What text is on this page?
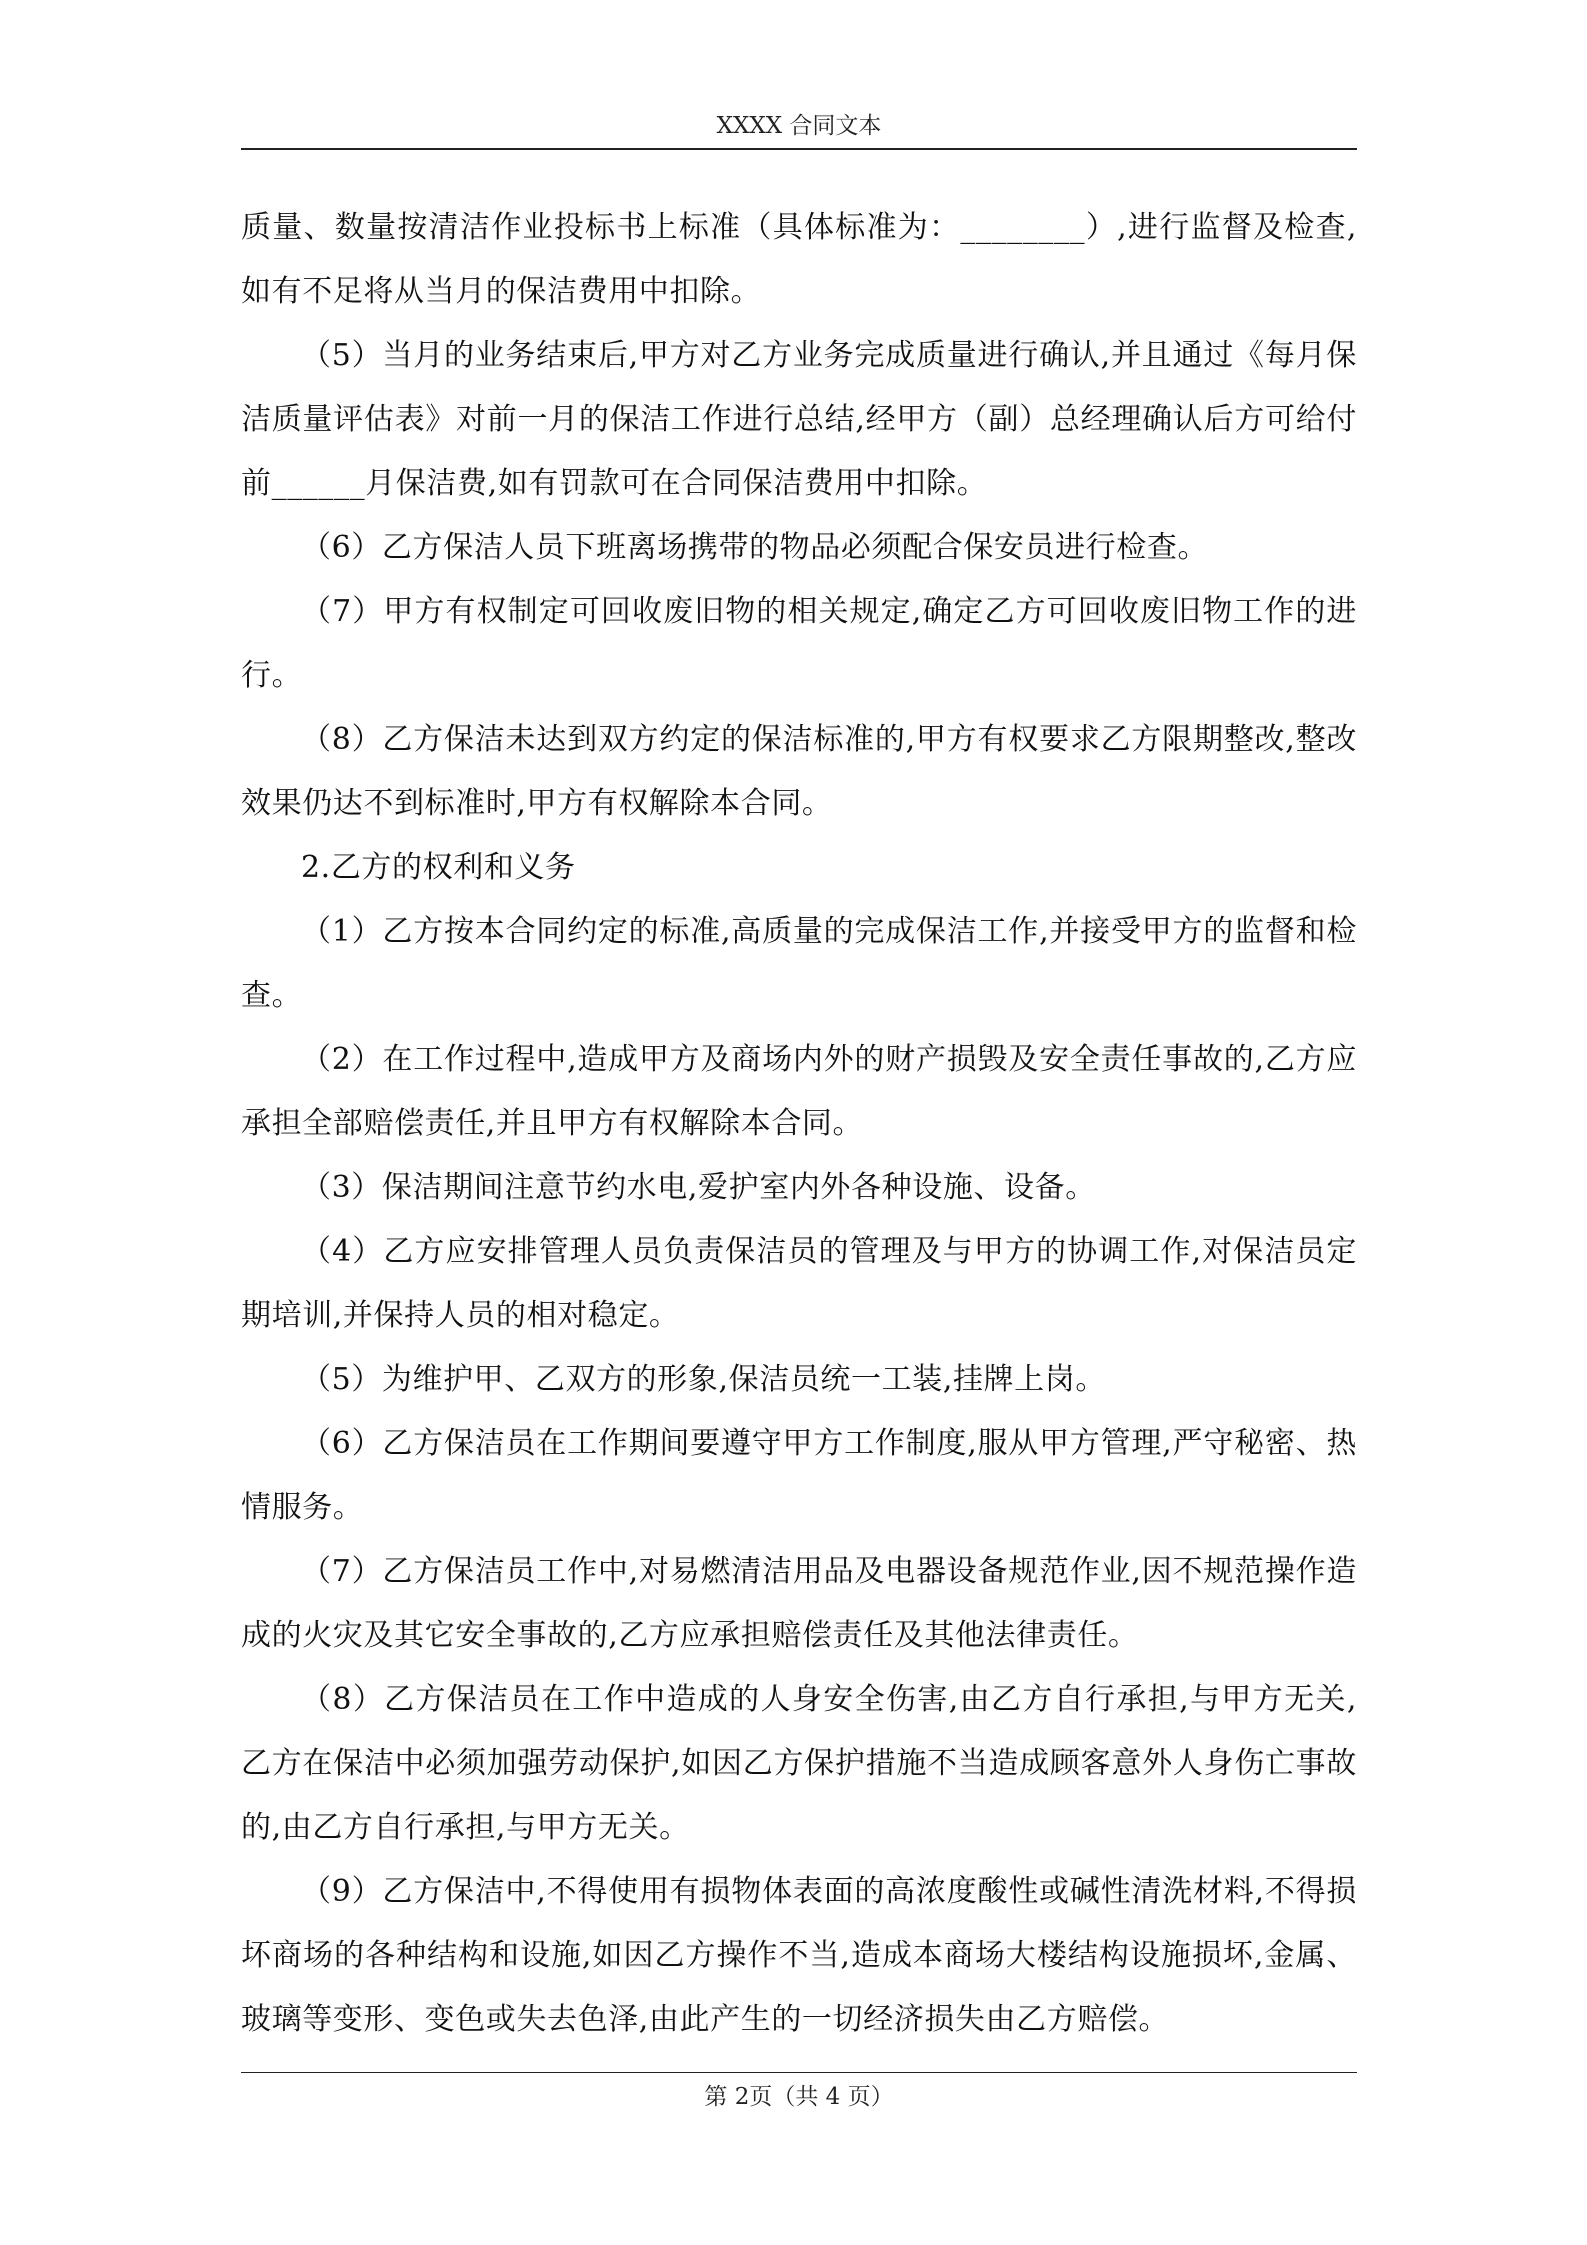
XXXX 合同文本

质量、数量按清洁作业投标书上标准（具体标准为：________）,进行监督及检查,如有不足将从当月的保洁费用中扣除。

（5）当月的业务结束后,甲方对乙方业务完成质量进行确认,并且通过《每月保洁质量评估表》对前一月的保洁工作进行总结,经甲方（副）总经理确认后方可给付前______月保洁费,如有罚款可在合同保洁费用中扣除。

（6）乙方保洁人员下班离场携带的物品必须配合保安员进行检查。

（7）甲方有权制定可回收废旧物的相关规定,确定乙方可回收废旧物工作的进行。

（8）乙方保洁未达到双方约定的保洁标准的,甲方有权要求乙方限期整改,整改效果仍达不到标准时,甲方有权解除本合同。

2.乙方的权利和义务

（1）乙方按本合同约定的标准,高质量的完成保洁工作,并接受甲方的监督和检查。

（2）在工作过程中,造成甲方及商场内外的财产损毁及安全责任事故的,乙方应承担全部赔偿责任,并且甲方有权解除本合同。

（3）保洁期间注意节约水电,爱护室内外各种设施、设备。

（4）乙方应安排管理人员负责保洁员的管理及与甲方的协调工作,对保洁员定期培训,并保持人员的相对稳定。

（5）为维护甲、乙双方的形象,保洁员统一工装,挂牌上岗。

（6）乙方保洁员在工作期间要遵守甲方工作制度,服从甲方管理,严守秘密、热情服务。

（7）乙方保洁员工作中,对易燃清洁用品及电器设备规范作业,因不规范操作造成的火灾及其它安全事故的,乙方应承担赔偿责任及其他法律责任。

（8）乙方保洁员在工作中造成的人身安全伤害,由乙方自行承担,与甲方无关,乙方在保洁中必须加强劳动保护,如因乙方保护措施不当造成顾客意外人身伤亡事故的,由乙方自行承担,与甲方无关。

（9）乙方保洁中,不得使用有损物体表面的高浓度酸性或碱性清洗材料,不得损坏商场的各种结构和设施,如因乙方操作不当,造成本商场大楼结构设施损坏,金属、玻璃等变形、变色或失去色泽,由此产生的一切经济损失由乙方赔偿。

第 2页（共 4 页）
